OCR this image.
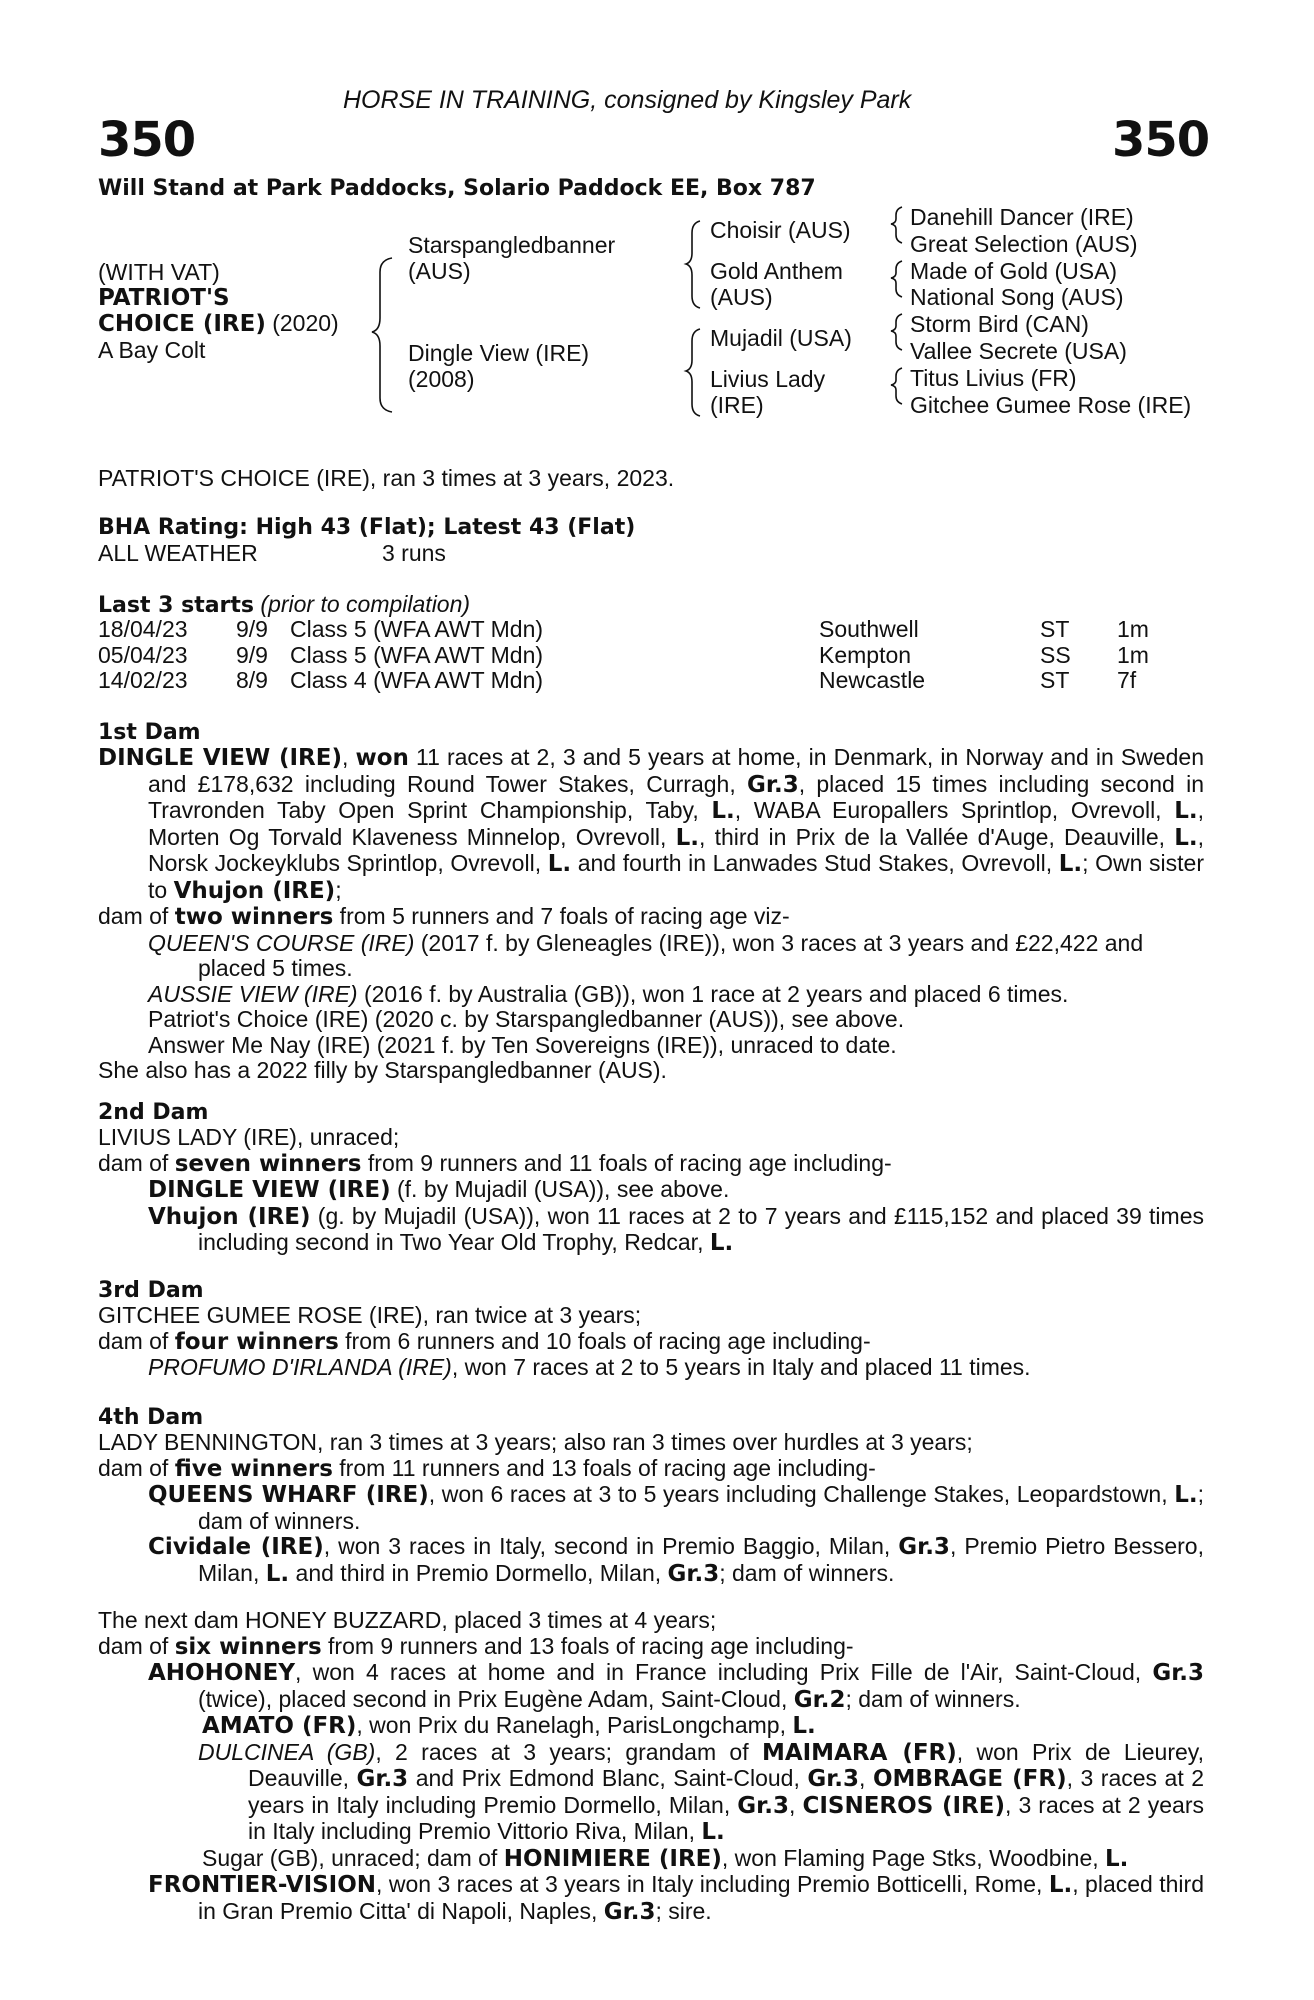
HORSE IN TRAINING, consigned by Kingsley Park
350	350
Will Stand at Park Paddocks, Solario Paddock EE, Box 787
(WITH VAT)
PATRIOT'S
CHOICE (IRE) (2020)
A Bay Colt
Starspangledbanner
(AUS)
Dingle View (IRE)
(2008)
Choisir (AUS)
Gold Anthem
(AUS)
Mujadil (USA)
Livius Lady
(IRE)
Danehill Dancer (IRE)
Great Selection (AUS)
Made of Gold (USA)
National Song (AUS)
Storm Bird (CAN)
Vallee Secrete (USA)
Titus Livius (FR)
Gitchee Gumee Rose (IRE)
PATRIOT'S CHOICE (IRE), ran 3 times at 3 years, 2023.
BHA Rating: High 43 (Flat); Latest 43 (Flat)
ALL WEATHER	3 runs
Last 3 starts (prior to compilation)
18/04/23 9/9 Class 5 (WFA AWT Mdn)	Southwell	ST 1m
05/04/23 9/9 Class 5 (WFA AWT Mdn)	Kempton	SS 1m
14/02/23 8/9 Class 4 (WFA AWT Mdn)	Newcastle	ST 7f
1st Dam

DINGLE VIEW (IRE), won 11 races at 2, 3 and 5 years at home, in Denmark, in Norway and in Sweden and £178,632 including Round Tower Stakes, Curragh, Gr.3, placed 15 times including second in Travronden Taby Open Sprint Championship, Taby, L., WABA Europallers Sprintlop, Ovrevoll, L., Morten Og Torvald Klaveness Minnelop, Ovrevoll, L., third in Prix de la Vallée d'Auge, Deauville, L., Norsk Jockeyklubs Sprintlop, Ovrevoll, L. and fourth in Lanwades Stud Stakes, Ovrevoll, L.; Own sister to Vhujon (IRE);

dam of two winners from 5 runners and 7 foals of racing age viz-

QUEEN'S COURSE (IRE) (2017 f. by Gleneagles (IRE)), won 3 races at 3 years and £22,422 and placed 5 times.

AUSSIE VIEW (IRE) (2016 f. by Australia (GB)), won 1 race at 2 years and placed 6 times.

Patriot's Choice (IRE) (2020 c. by Starspangledbanner (AUS)), see above.

Answer Me Nay (IRE) (2021 f. by Ten Sovereigns (IRE)), unraced to date.

She also has a 2022 filly by Starspangledbanner (AUS).

2nd Dam

LIVIUS LADY (IRE), unraced;

dam of seven winners from 9 runners and 11 foals of racing age including-

DINGLE VIEW (IRE) (f. by Mujadil (USA)), see above.

Vhujon (IRE) (g. by Mujadil (USA)), won 11 races at 2 to 7 years and £115,152 and placed 39 times including second in Two Year Old Trophy, Redcar, L.

3rd Dam

GITCHEE GUMEE ROSE (IRE), ran twice at 3 years;

dam of four winners from 6 runners and 10 foals of racing age including-

PROFUMO D'IRLANDA (IRE), won 7 races at 2 to 5 years in Italy and placed 11 times.

4th Dam

LADY BENNINGTON, ran 3 times at 3 years; also ran 3 times over hurdles at 3 years;

dam of five winners from 11 runners and 13 foals of racing age including-

QUEENS WHARF (IRE), won 6 races at 3 to 5 years including Challenge Stakes, Leopardstown, L.; dam of winners.

Cividale (IRE), won 3 races in Italy, second in Premio Baggio, Milan, Gr.3, Premio Pietro Bessero, Milan, L. and third in Premio Dormello, Milan, Gr.3; dam of winners.

The next dam HONEY BUZZARD, placed 3 times at 4 years;

dam of six winners from 9 runners and 13 foals of racing age including-

AHOHONEY, won 4 races at home and in France including Prix Fille de l'Air, Saint-Cloud, Gr.3 (twice), placed second in Prix Eugène Adam, Saint-Cloud, Gr.2; dam of winners.

AMATO (FR), won Prix du Ranelagh, ParisLongchamp, L.

DULCINEA (GB), 2 races at 3 years; grandam of MAIMARA (FR), won Prix de Lieurey, Deauville, Gr.3 and Prix Edmond Blanc, Saint-Cloud, Gr.3, OMBRAGE (FR), 3 races at 2 years in Italy including Premio Dormello, Milan, Gr.3, CISNEROS (IRE), 3 races at 2 years in Italy including Premio Vittorio Riva, Milan, L.

Sugar (GB), unraced; dam of HONIMIERE (IRE), won Flaming Page Stks, Woodbine, L.

FRONTIER-VISION, won 3 races at 3 years in Italy including Premio Botticelli, Rome, L., placed third in Gran Premio Citta' di Napoli, Naples, Gr.3; sire.
